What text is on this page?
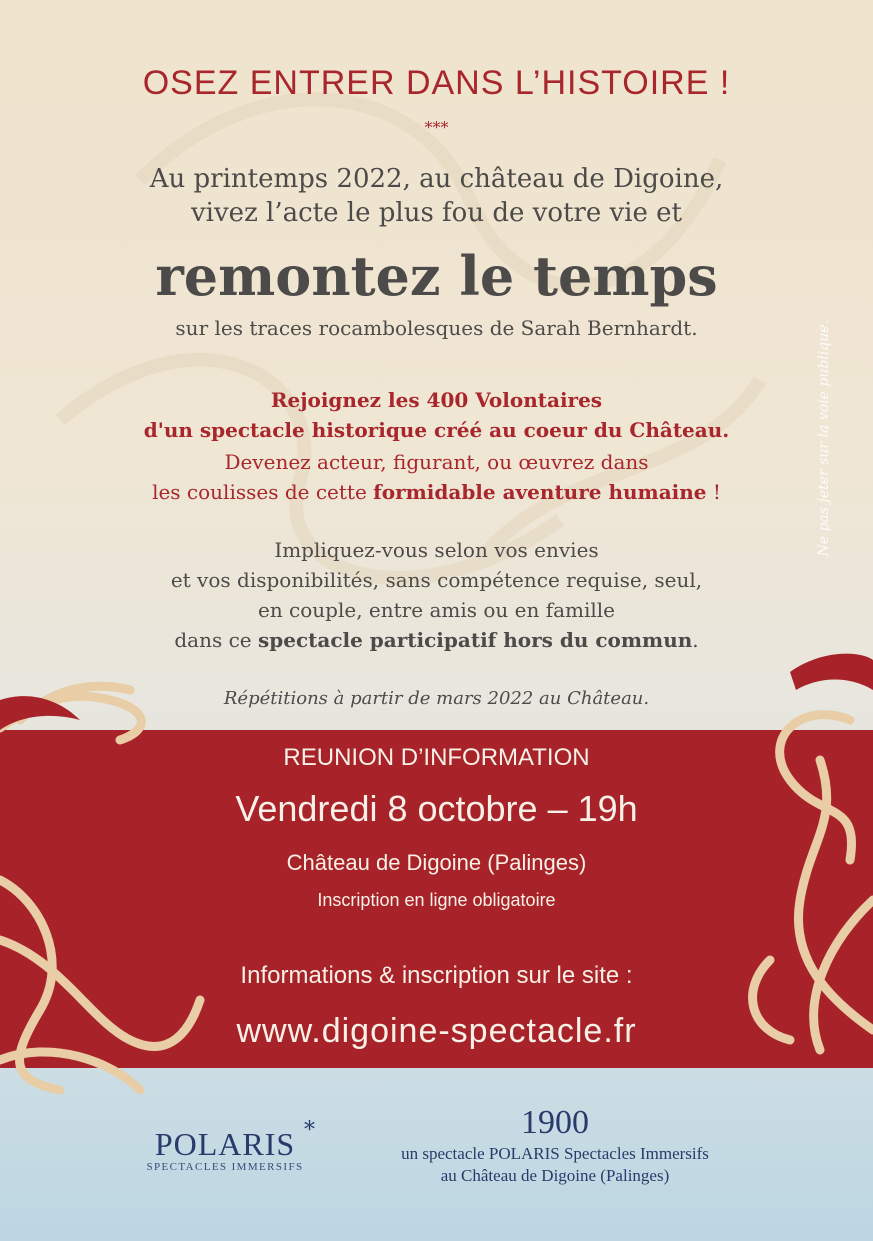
OSEZ ENTRER DANS L’HISTOIRE !

***

Au printemps 2022, au château de Digoine,

vivez l’acte le plus fou de votre vie et

remontez le temps

sur les traces rocambolesques de Sarah Bernhardt.

Rejoignez les 400 Volontaires

d'un spectacle historique créé au coeur du Château.

Devenez acteur, figurant, ou œuvrez dans

les coulisses de cette formidable aventure humaine !

Impliquez-vous selon vos envies

et vos disponibilités, sans compétence requise, seul,

en couple, entre amis ou en famille

dans ce spectacle participatif hors du commun.

Répétitions à partir de mars 2022 au Château.

Ne pas jeter sur la voie publique.

REUNION D’INFORMATION

Vendredi 8 octobre – 19h

Château de Digoine (Palinges)

Inscription en ligne obligatoire

Informations & inscription sur le site :

www.digoine-spectacle.fr

POLARIS *
SPECTACLES IMMERSIFS
1900
un spectacle POLARIS Spectacles Immersifs
au Château de Digoine (Palinges)
